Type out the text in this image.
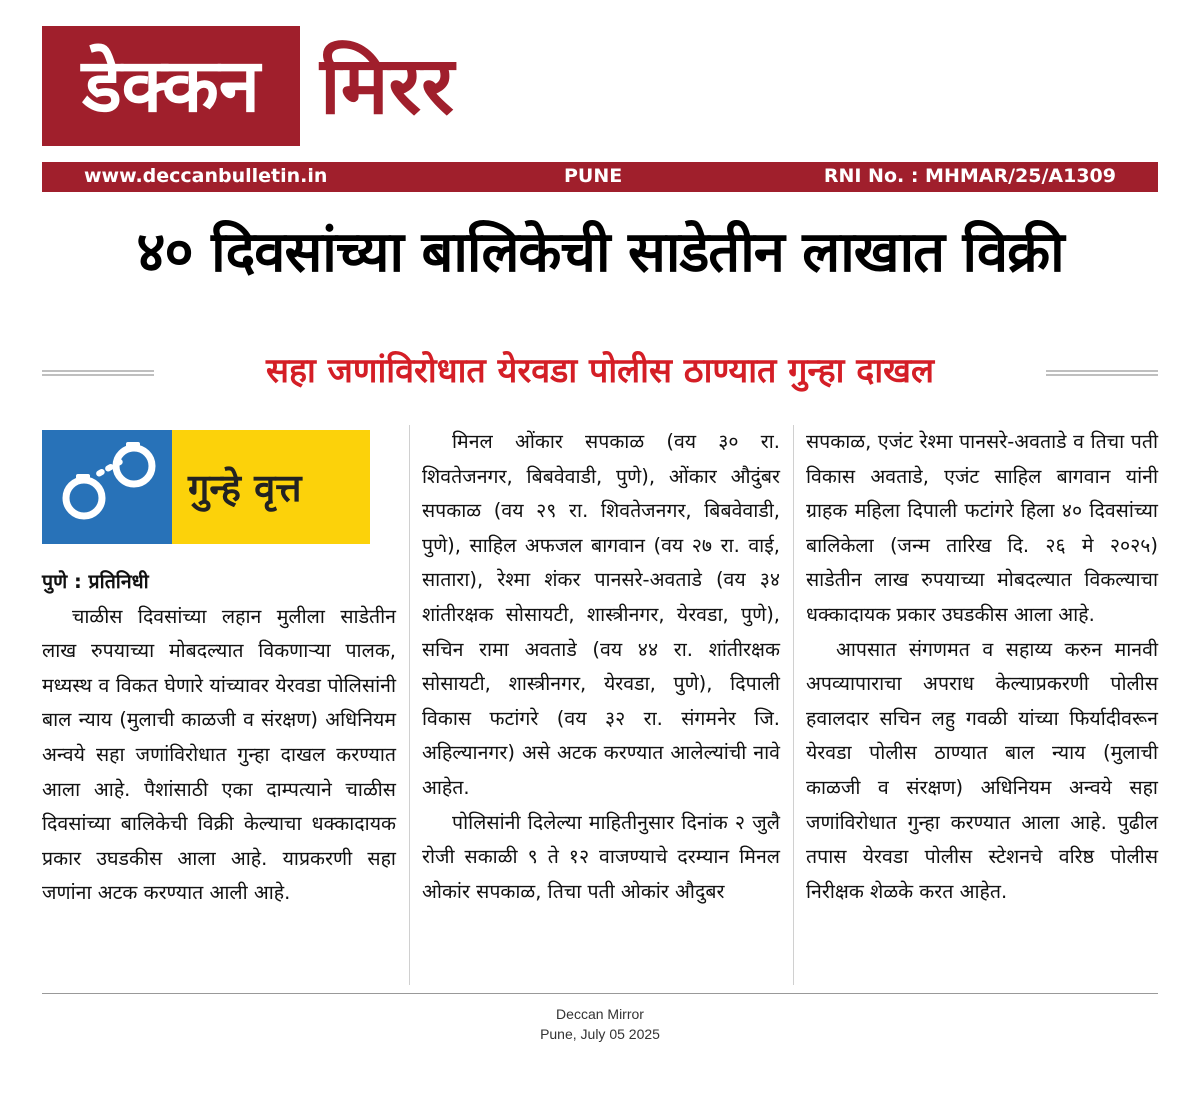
डेक्कन मिरर
www.deccanbulletin.in	PUNE	RNI No. : MHMAR/25/A1309
४० दिवसांच्या बालिकेची साडेतीन लाखात विक्री
सहा जणांविरोधात येरवडा पोलीस ठाण्यात गुन्हा दाखल
गुन्हे वृत्त

पुणे : प्रतिनिधी

चाळीस दिवसांच्या लहान मुलीला साडेतीन लाख रुपयाच्या मोबदल्यात विकणाऱ्या पालक, मध्यस्थ व विकत घेणारे यांच्यावर येरवडा पोलिसांनी बाल न्याय (मुलाची काळजी व संरक्षण) अधिनियम अन्वये सहा जणांविरोधात गुन्हा दाखल करण्यात आला आहे. पैशांसाठी एका दाम्पत्याने चाळीस दिवसांच्या बालिकेची विक्री केल्याचा धक्कादायक प्रकार उघडकीस आला आहे. याप्रकरणी सहा जणांना अटक करण्यात आली आहे.

मिनल ओंकार सपकाळ (वय ३० रा. शिवतेजनगर, बिबवेवाडी, पुणे), ओंकार औदुंबर सपकाळ (वय २९ रा. शिवतेजनगर, बिबवेवाडी, पुणे), साहिल अफजल बागवान (वय २७ रा. वाई, सातारा), रेश्मा शंकर पानसरे-अवताडे (वय ३४ शांतीरक्षक सोसायटी, शास्त्रीनगर, येरवडा, पुणे), सचिन रामा अवताडे (वय ४४ रा. शांतीरक्षक सोसायटी, शास्त्रीनगर, येरवडा, पुणे), दिपाली विकास फटांगरे (वय ३२ रा. संगमनेर जि. अहिल्यानगर) असे अटक करण्यात आलेल्यांची नावे आहेत.

पोलिसांनी दिलेल्या माहितीनुसार दिनांक २ जुलै रोजी सकाळी ९ ते १२ वाजण्याचे दरम्यान मिनल ओकांर सपकाळ, तिचा पती ओकांर औदुबर

सपकाळ, एजंट रेश्मा पानसरे-अवताडे व तिचा पती विकास अवताडे, एजंट साहिल बागवान यांनी ग्राहक महिला दिपाली फटांगरे हिला ४० दिवसांच्या बालिकेला (जन्म तारिख दि. २६ मे २०२५) साडेतीन लाख रुपयाच्या मोबदल्यात विकल्याचा धक्कादायक प्रकार उघडकीस आला आहे.

आपसात संगणमत व सहाय्य करुन मानवी अपव्यापाराचा अपराध केल्याप्रकरणी पोलीस हवालदार सचिन लहु गवळी यांच्या फिर्यादीवरून येरवडा पोलीस ठाण्यात बाल न्याय (मुलाची काळजी व संरक्षण) अधिनियम अन्वये सहा जणांविरोधात गुन्हा करण्यात आला आहे. पुढील तपास येरवडा पोलीस स्टेशनचे वरिष्ठ पोलीस निरीक्षक शेळके करत आहेत.

Deccan Mirror
Pune, July 05 2025
